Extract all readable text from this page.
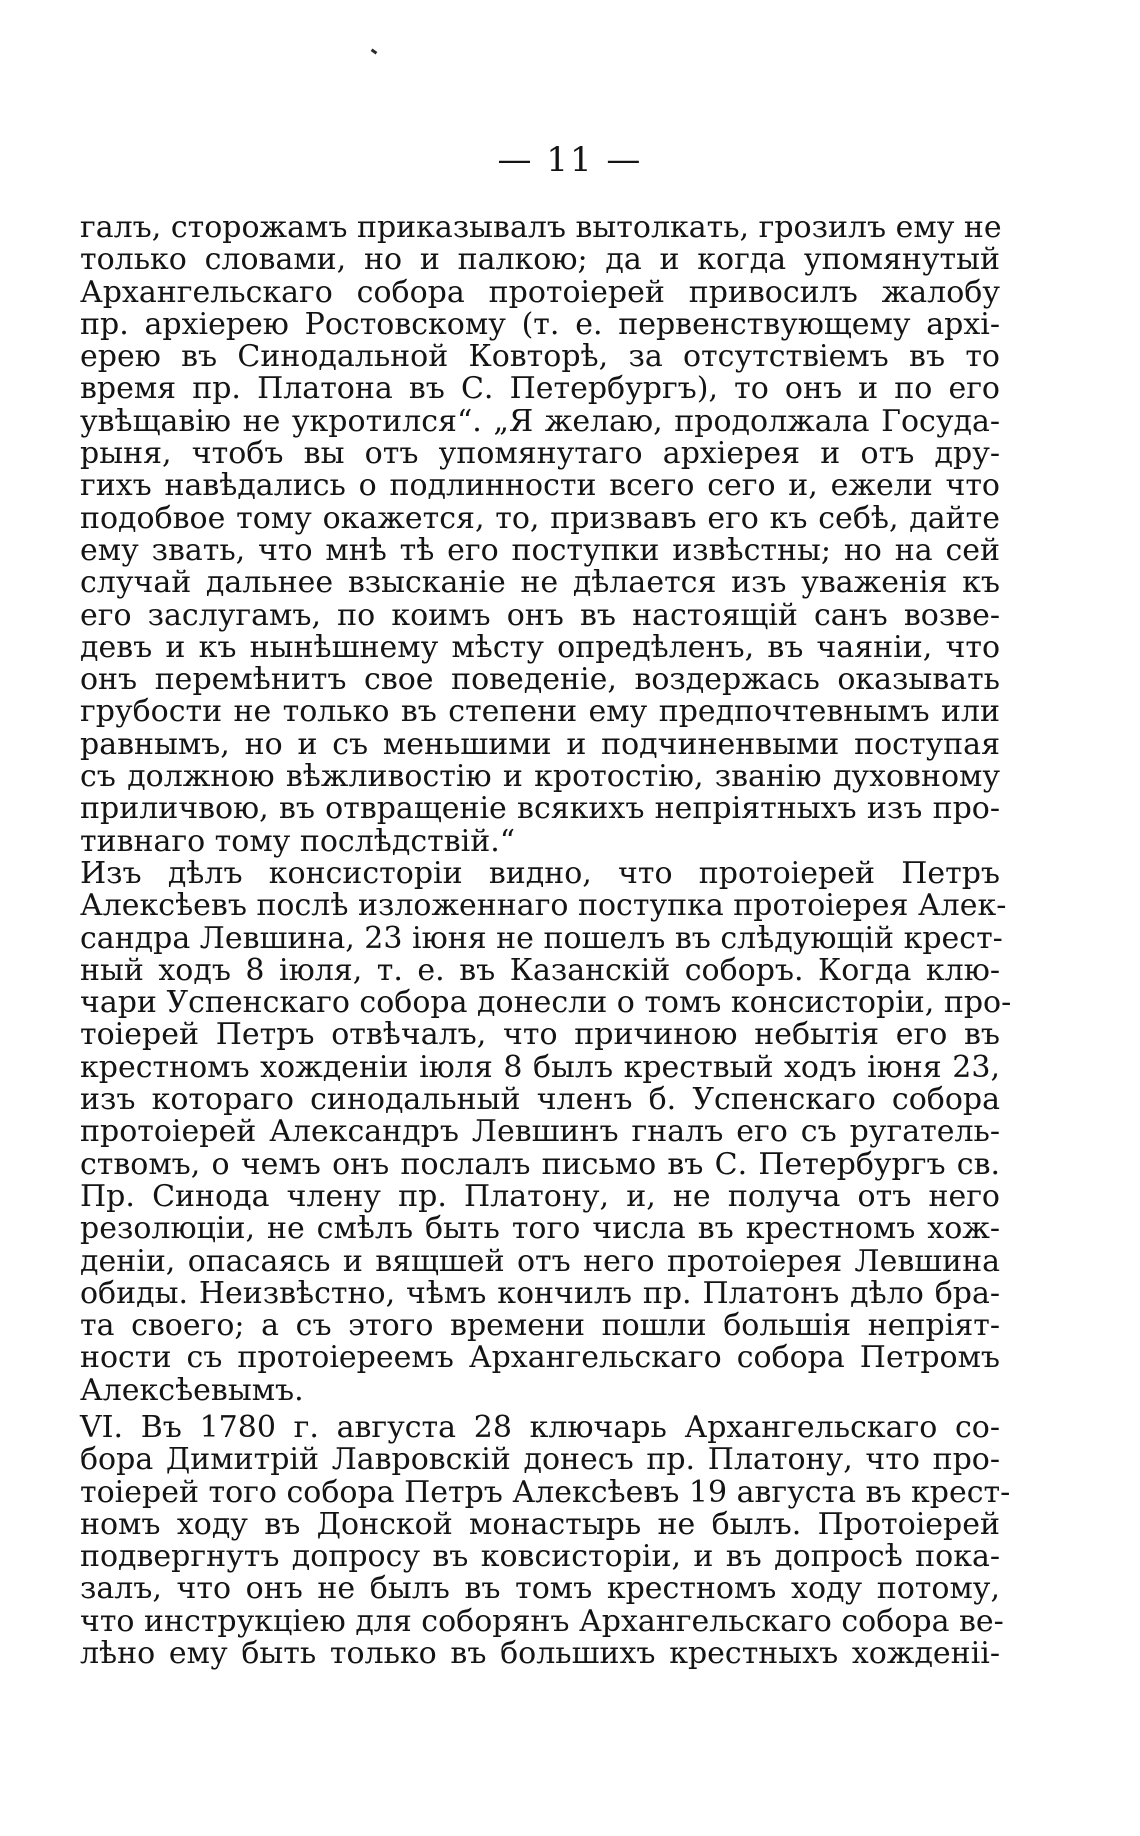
— 11 —
галъ, сторожамъ приказывалъ вытолкать, грозилъ ему не
только словами, но и палкою; да и когда упомянутый
Архангельскаго собора протоіерей привосилъ жалобу
пр. архіерею Ростовскому (т. е. первенствующему архі-
ерею въ Синодальной Ковторѣ, за отсутствіемъ въ то
время пр. Платона въ С. Петербургъ), то онъ и по его
увѣщавію не укротился“. „Я желаю, продолжала Госуда-
рыня, чтобъ вы отъ упомянутаго архіерея и отъ дру-
гихъ навѣдались о подлинности всего сего и, ежели что
подобвое тому окажется, то, призвавъ его къ себѣ, дайте
ему звать, что мнѣ тѣ его поступки извѣстны; но на сей
случай дальнее взысканіе не дѣлается изъ уваженія къ
его заслугамъ, по коимъ онъ въ настоящій санъ возве-
девъ и къ нынѣшнему мѣсту опредѣленъ, въ чаяніи, что
онъ перемѣнитъ свое поведеніе, воздержась оказывать
грубости не только въ степени ему предпочтевнымъ или
равнымъ, но и съ меньшими и подчиненвыми поступая
съ должною вѣжливостію и кротостію, званію духовному
приличвою, въ отвращеніе всякихъ непріятныхъ изъ про-
тивнаго тому послѣдствій.“
Изъ дѣлъ консисторіи видно, что протоіерей Петръ
Алексѣевъ послѣ изложеннаго поступка протоіерея Алек-
сандра Левшина, 23 іюня не пошелъ въ слѣдующій крест-
ный ходъ 8 іюля, т. е. въ Казанскій соборъ. Когда клю-
чари Успенскаго собора донесли о томъ консисторіи, про-
тоіерей Петръ отвѣчалъ, что причиною небытія его въ
крестномъ хожденіи іюля 8 былъ крествый ходъ іюня 23,
изъ котораго синодальный членъ б. Успенскаго собора
протоіерей Александръ Левшинъ гналъ его съ ругатель-
ствомъ, о чемъ онъ послалъ письмо въ С. Петербургъ св.
Пр. Синода члену пр. Платону, и, не получа отъ него
резолюціи, не смѣлъ быть того числа въ крестномъ хож-
деніи, опасаясь и вящшей отъ него протоіерея Левшина
обиды. Неизвѣстно, чѣмъ кончилъ пр. Платонъ дѣло бра-
та своего; а съ этого времени пошли большія непріят-
ности съ протоіереемъ Архангельскаго собора Петромъ
Алексѣевымъ.
VI. Въ 1780 г. августа 28 ключарь Архангельскаго со-
бора Димитрій Лавровскій донесъ пр. Платону, что про-
тоіерей того собора Петръ Алексѣевъ 19 августа въ крест-
номъ ходу въ Донской монастырь не былъ. Протоіерей
подвергнутъ допросу въ ковсисторіи, и въ допросѣ пока-
залъ, что онъ не былъ въ томъ крестномъ ходу потому,
что инструкціею для соборянъ Архангельскаго собора ве-
лѣно ему быть только въ большихъ крестныхъ хожденіі-
